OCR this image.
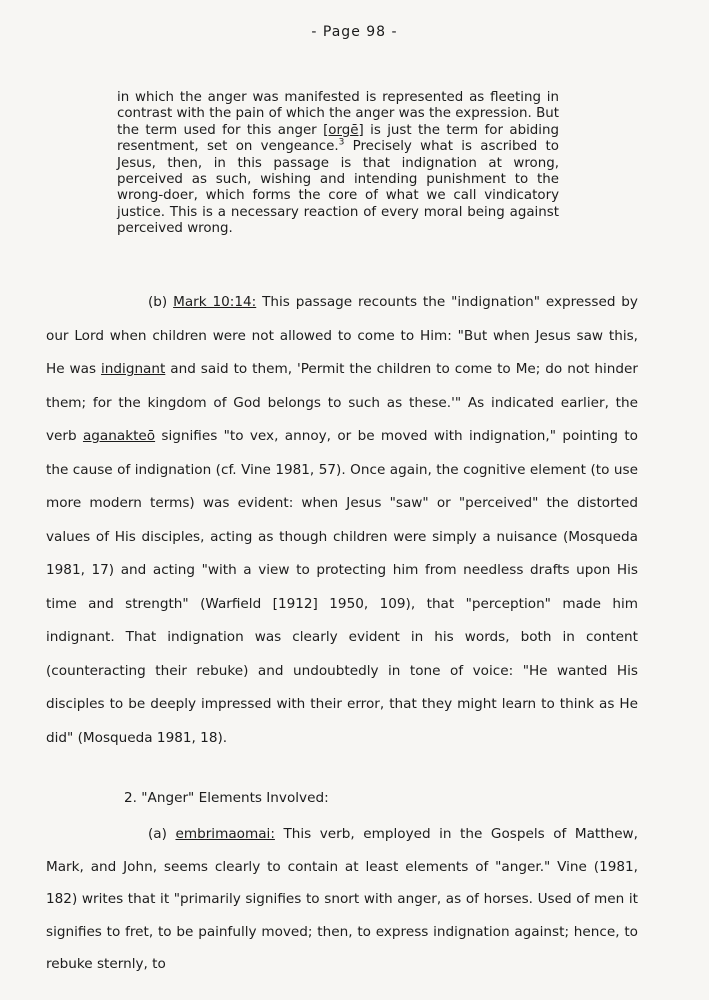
- Page 98 -

in which the anger was manifested is represented as fleeting in contrast with the pain of which the anger was the expression. But the term used for this anger [orgē] is just the term for abiding resentment, set on vengeance.$^3$ Precisely what is ascribed to Jesus, then, in this passage is that indignation at wrong, perceived as such, wishing and intending punishment to the wrong-doer, which forms the core of what we call vindicatory justice. This is a necessary reaction of every moral being against perceived wrong.

(b) Mark 10:14: This passage recounts the "indignation" expressed by our Lord when children were not allowed to come to Him: "But when Jesus saw this, He was indignant and said to them, 'Permit the children to come to Me; do not hinder them; for the kingdom of God belongs to such as these.'" As indicated earlier, the verb aganakteō signifies "to vex, annoy, or be moved with indignation," pointing to the cause of indignation (cf. Vine 1981, 57). Once again, the cognitive element (to use more modern terms) was evident: when Jesus "saw" or "perceived" the distorted values of His disciples, acting as though children were simply a nuisance (Mosqueda 1981, 17) and acting "with a view to protecting him from needless drafts upon His time and strength" (Warfield [1912] 1950, 109), that "perception" made him indignant. That indignation was clearly evident in his words, both in content (counteracting their rebuke) and undoubtedly in tone of voice: "He wanted His disciples to be deeply impressed with their error, that they might learn to think as He did" (Mosqueda 1981, 18).

2. "Anger" Elements Involved:

(a) embrimaomai: This verb, employed in the Gospels of Matthew, Mark, and John, seems clearly to contain at least elements of "anger." Vine (1981, 182) writes that it "primarily signifies to snort with anger, as of horses. Used of men it signifies to fret, to be painfully moved; then, to express indignation against; hence, to rebuke sternly, to
